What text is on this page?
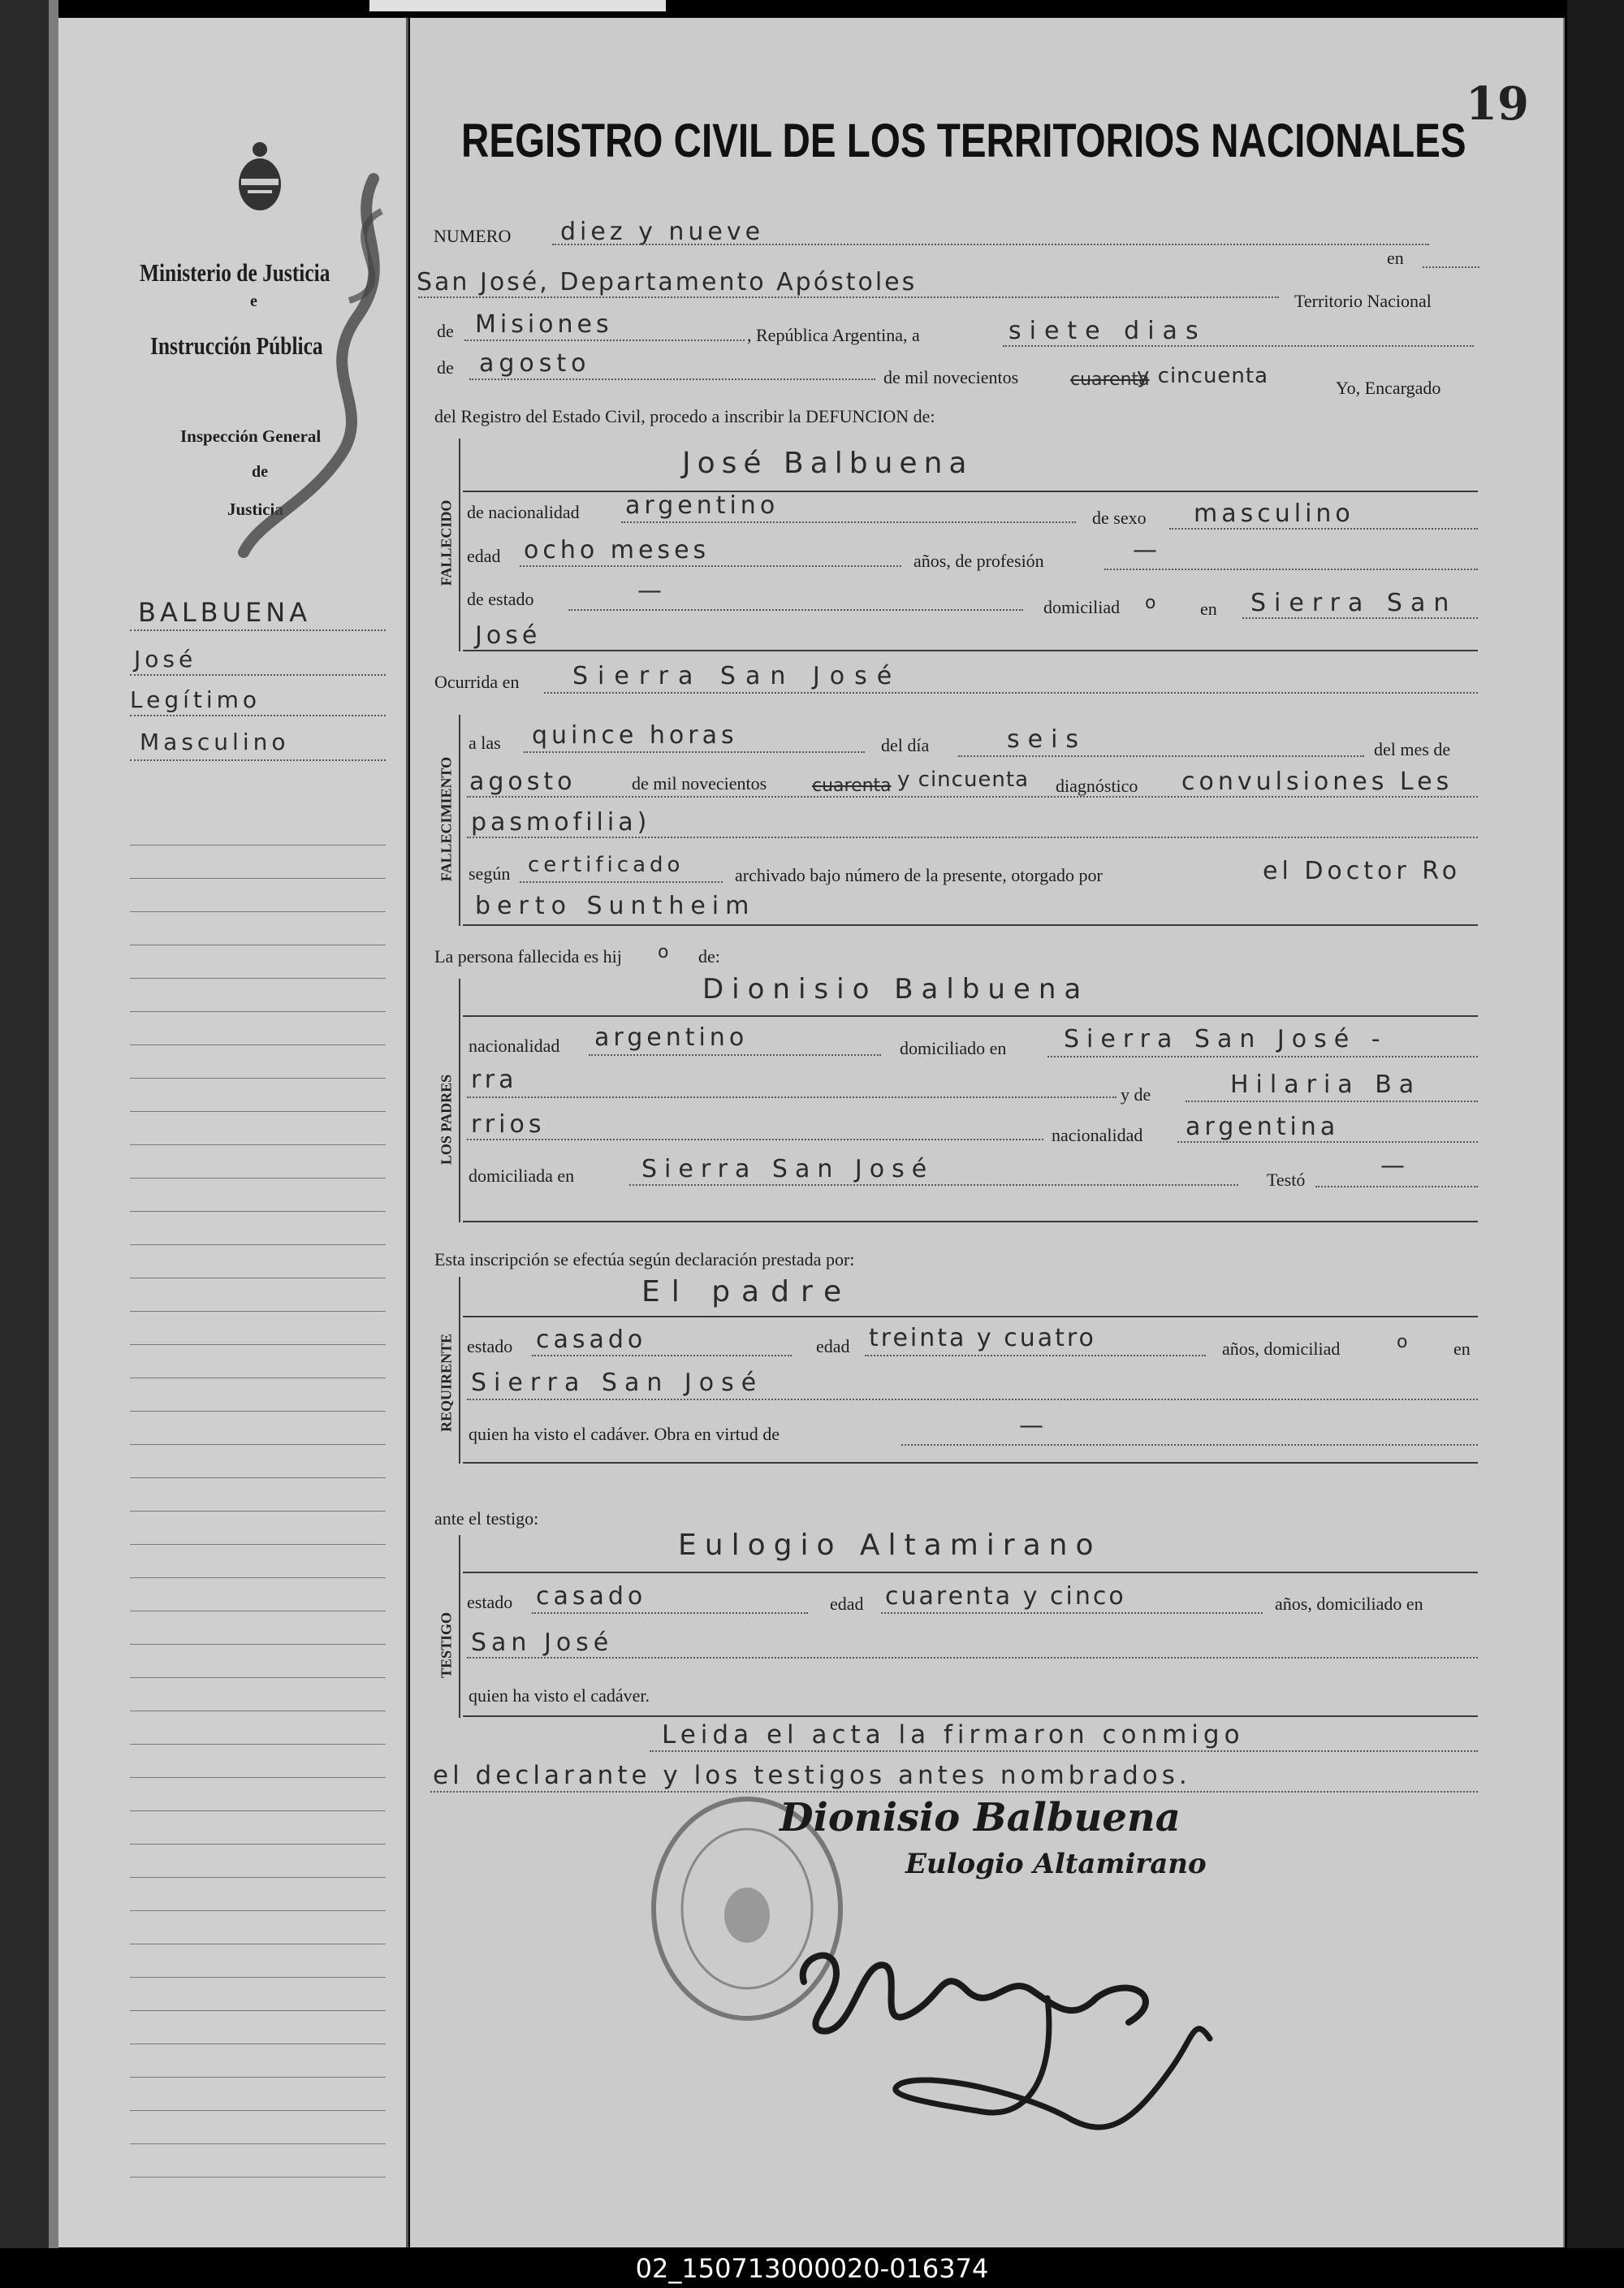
Ministerio de Justicia
e
Instrucción Pública
Inspección General
de
Justicia
BALBUENA
José
Legítimo
Masculino
REGISTRO CIVIL DE LOS TERRITORIOS NACIONALES
19
NUMERO diez y nueve
en
San José, Departamento Apóstoles
Territorio Nacional
de Misiones	, República Argentina, a	siete dias
de agosto	de mil novecientos	cuarenta
y cincuenta	Yo, Encargado
del Registro del Estado Civil, procedo a inscribir la DEFUNCION de:
FALLECIDO
José Balbuena
de nacionalidad argentino	de sexo masculino
edad ocho meses	años, de profesión	—
de estado	—
domiciliad o en Sierra San
José
Ocurrida en Sierra San José
FALLECIMIENTO
a las quince horas	del día	seis	del mes de
agosto	de mil novecientos	cuarenta y cincuenta diagnóstico convulsiones Les
pasmofilia)
según certificado	archivado bajo número de la presente, otorgado por	el Doctor Ro
berto Suntheim
La persona fallecida es hij o de:
LOS PADRES
Dionisio Balbuena
nacionalidad argentino	domiciliado en Sierra San José -
rra
y de	Hilaria Ba
rrios	nacionalidad argentina
domiciliada en	Sierra San José	Testó	—
Esta inscripción se efectúa según declaración prestada por:
REQUIRENTE
El padre
estado casado	edad treinta y cuatro	años, domiciliad	o en
Sierra San José
quien ha visto el cadáver. Obra en virtud de	—
ante el testigo:
TESTIGO
Eulogio Altamirano
estado casado	edad cuarenta y cinco	años, domiciliado en
San José
quien ha visto el cadáver.
Leida el acta la firmaron conmigo
el declarante y los testigos antes nombrados.
Dionisio Balbuena
Eulogio Altamirano
02_150713000020-016374
